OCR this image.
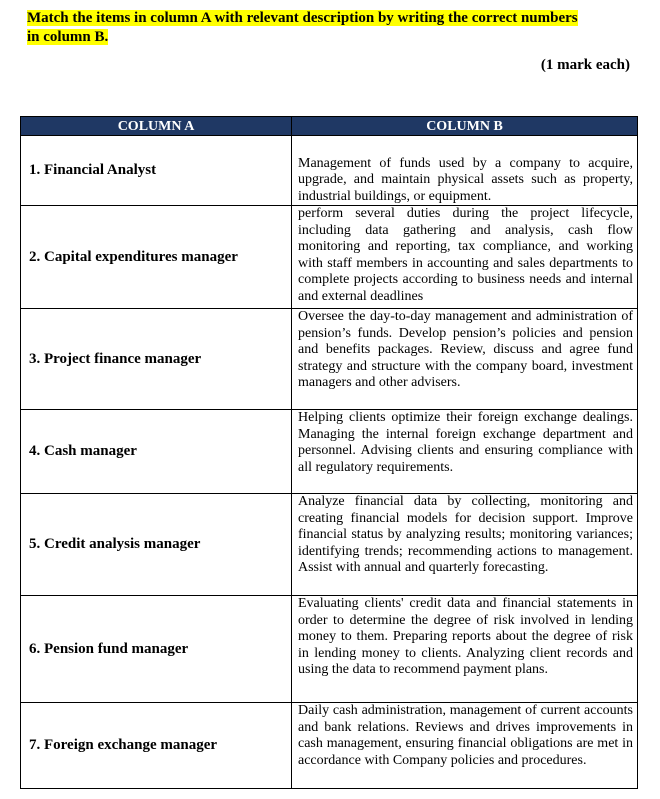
Match the items in column A with relevant description by writing the correct numbers
in column B.

(1 mark each)

COLUMN A	COLUMN B
1. Financial Analyst	Management of funds used by a company to acquire, upgrade, and maintain physical assets such as property, industrial buildings, or equipment.
2. Capital expenditures manager	perform several duties during the project lifecycle, including data gathering and analysis, cash flow monitoring and reporting, tax compliance, and working with staff members in accounting and sales departments to complete projects according to business needs and internal and external deadlines
3. Project finance manager	Oversee the day-to-day management and administration of pension’s funds. Develop pension’s policies and pension and benefits packages. Review, discuss and agree fund strategy and structure with the company board, investment managers and other advisers.
4. Cash manager	Helping clients optimize their foreign exchange dealings. Managing the internal foreign exchange department and personnel. Advising clients and ensuring compliance with all regulatory requirements.
5. Credit analysis manager	Analyze financial data by collecting, monitoring and creating financial models for decision support. Improve financial status by analyzing results; monitoring variances; identifying trends; recommending actions to management. Assist with annual and quarterly forecasting.
6. Pension fund manager	Evaluating clients' credit data and financial statements in order to determine the degree of risk involved in lending money to them. Preparing reports about the degree of risk in lending money to clients. Analyzing client records and using the data to recommend payment plans.
7. Foreign exchange manager	Daily cash administration, management of current accounts and bank relations. Reviews and drives improvements in cash management, ensuring financial obligations are met in accordance with Company policies and procedures.
